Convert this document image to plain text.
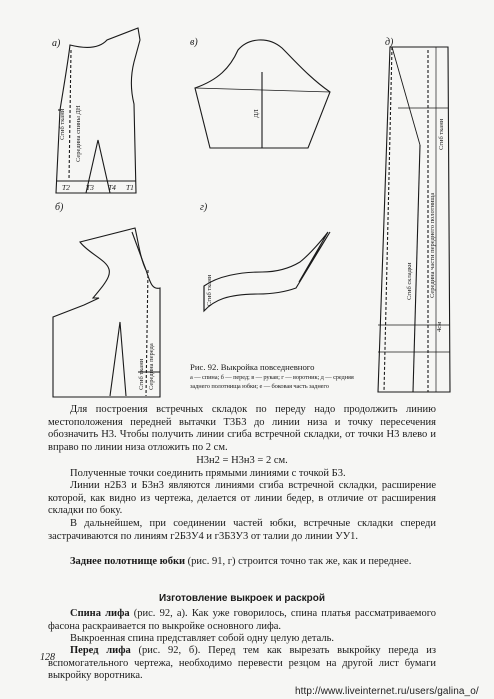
а)
б)
в)
г)
д)
Т2 Т3 Т4 Т1
Середина спины ДН
Сгиб ткани
Середина переда
Сгиб ткани
ДЛ
Сгиб ткани
Сгиб ткани
Середина части переднего полотнища
Сгиб складки
4см
Рис. 92. Выкройка повседневного
а — спина; б — перед; в — рукав; г — воротник; д — средняя
заднего полотнища юбки; е — боковая часть заднего
Для построения встречных складок по переду надо продолжить линию местоположения передней вытачки Т3Б3 до линии низа и точку пересечения обозначить Н3. Чтобы получить линии сгиба встречной складки, от точки Н3 влево и вправо по линии низа отложить по 2 см.
Н3н2 = Н3н3 = 2 см.
Полученные точки соединить прямыми линиями с точкой Б3.
Линии н2Б3 и Б3н3 являются линиями сгиба встречной складки, расширение которой, как видно из чертежа, делается от линии бедер, в отличие от расширения складки по боку.
В дальнейшем, при соединении частей юбки, встречные складки спереди застрачиваются по линиям г2Б3У4 и г3Б3У3 от талии до линии УУ1.
Заднее полотнище юбки (рис. 91, г) строится точно так же, как и переднее.
Изготовление выкроек и раскрой
Спина лифа (рис. 92, а). Как уже говорилось, спина платья рассматриваемого фасона раскраивается по выкройке основного лифа.
Выкроенная спина представляет собой одну целую деталь.
Перед лифа (рис. 92, б). Перед тем как вырезать выкройку переда из вспомогательного чертежа, необходимо перевести резцом на другой лист бумаги выкройку воротника.
128
http://www.liveinternet.ru/users/galina_o/
